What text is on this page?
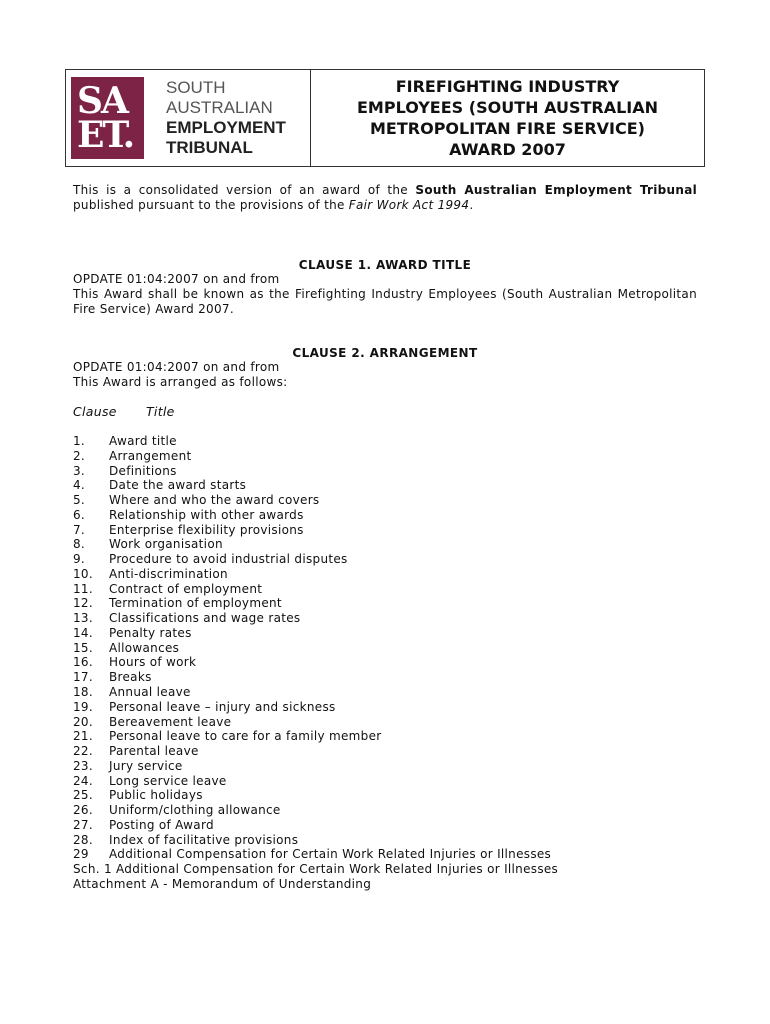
SA
ET.
SOUTH
AUSTRALIAN
EMPLOYMENT
TRIBUNAL
FIREFIGHTING INDUSTRY
EMPLOYEES (SOUTH AUSTRALIAN
METROPOLITAN FIRE SERVICE)
AWARD 2007
This is a consolidated version of an award of the South Australian Employment Tribunal published pursuant to the provisions of the Fair Work Act 1994.
CLAUSE 1. AWARD TITLE
OPDATE 01:04:2007 on and from
This Award shall be known as the Firefighting Industry Employees (South Australian Metropolitan Fire Service) Award 2007.
CLAUSE 2. ARRANGEMENT
OPDATE 01:04:2007 on and from
This Award is arranged as follows:
Clause Title
1. Award title
2. Arrangement
3. Definitions
4. Date the award starts
5. Where and who the award covers
6. Relationship with other awards
7. Enterprise flexibility provisions
8. Work organisation
9. Procedure to avoid industrial disputes
10. Anti-discrimination
11. Contract of employment
12. Termination of employment
13. Classifications and wage rates
14. Penalty rates
15. Allowances
16. Hours of work
17. Breaks
18. Annual leave
19. Personal leave – injury and sickness
20. Bereavement leave
21. Personal leave to care for a family member
22. Parental leave
23. Jury service
24. Long service leave
25. Public holidays
26. Uniform/clothing allowance
27. Posting of Award
28. Index of facilitative provisions
29 Additional Compensation for Certain Work Related Injuries or Illnesses
Sch. 1 Additional Compensation for Certain Work Related Injuries or Illnesses
Attachment A - Memorandum of Understanding
